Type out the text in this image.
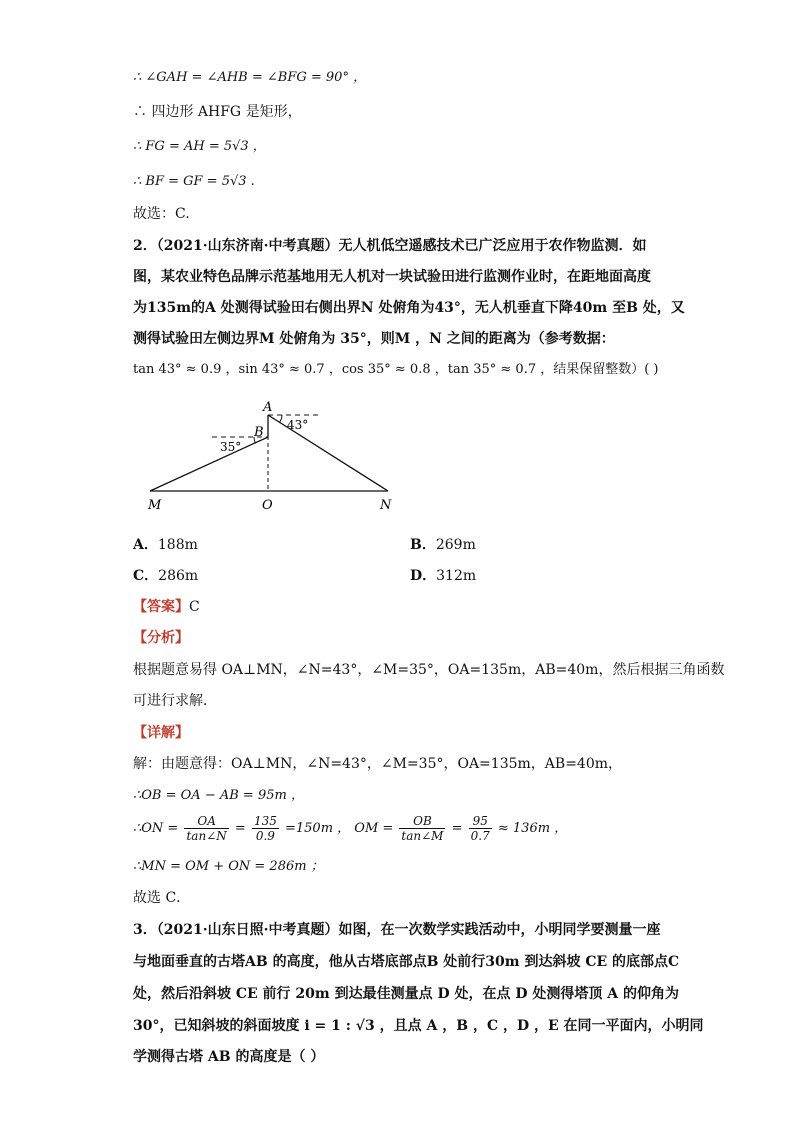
∴ ∠GAH = ∠AHB = ∠BFG = 90° ，
∴ 四边形 AHFG 是矩形，
∴ FG = AH = 5√3 ，
∴ BF = GF = 5√3 .
故选：C.
2．（2021·山东济南·中考真题）无人机低空遥感技术已广泛应用于农作物监测．如
图，某农业特色品牌示范基地用无人机对一块试验田进行监测作业时，在距地面高度
为135m的A 处测得试验田右侧出界N 处俯角为43°，无人机垂直下降40m 至B 处，又
测得试验田左侧边界M 处俯角为 35°，则M ，N 之间的距离为（参考数据：
tan 43° ≈ 0.9 ，sin 43° ≈ 0.7 ，cos 35° ≈ 0.8 ，tan 35° ≈ 0.7 ，结果保留整数）( )
A
B
M	O	N
43°
35°
A．188m	B．269m
C．286m	D．312m
【答案】C
【分析】
根据题意易得 OA⊥MN，∠N=43°，∠M=35°，OA=135m，AB=40m，然后根据三角函数
可进行求解．
【详解】
解：由题意得：OA⊥MN，∠N=43°，∠M=35°，OA=135m，AB=40m，
∴OB = OA − AB = 95m ，
∴ON = $\frac{OA}{\tan\angle N} = \frac{135}{0.9} =150m$ ， OM = $\frac{OB}{\tan\angle M} = \frac{95}{0.7} \approx 136m$ ，
∴MN = OM + ON = 286m ；
故选 C．
3．（2021·山东日照·中考真题）如图，在一次数学实践活动中，小明同学要测量一座
与地面垂直的古塔AB 的高度，他从古塔底部点B 处前行30m 到达斜坡 CE 的底部点C
处，然后沿斜坡 CE 前行 20m 到达最佳测量点 D 处，在点 D 处测得塔顶 A 的仰角为
30°，已知斜坡的斜面坡度 i = 1 : √3 ，且点 A ，B ，C ，D ，E 在同一平面内，小明同
学测得古塔 AB 的高度是（ ）
